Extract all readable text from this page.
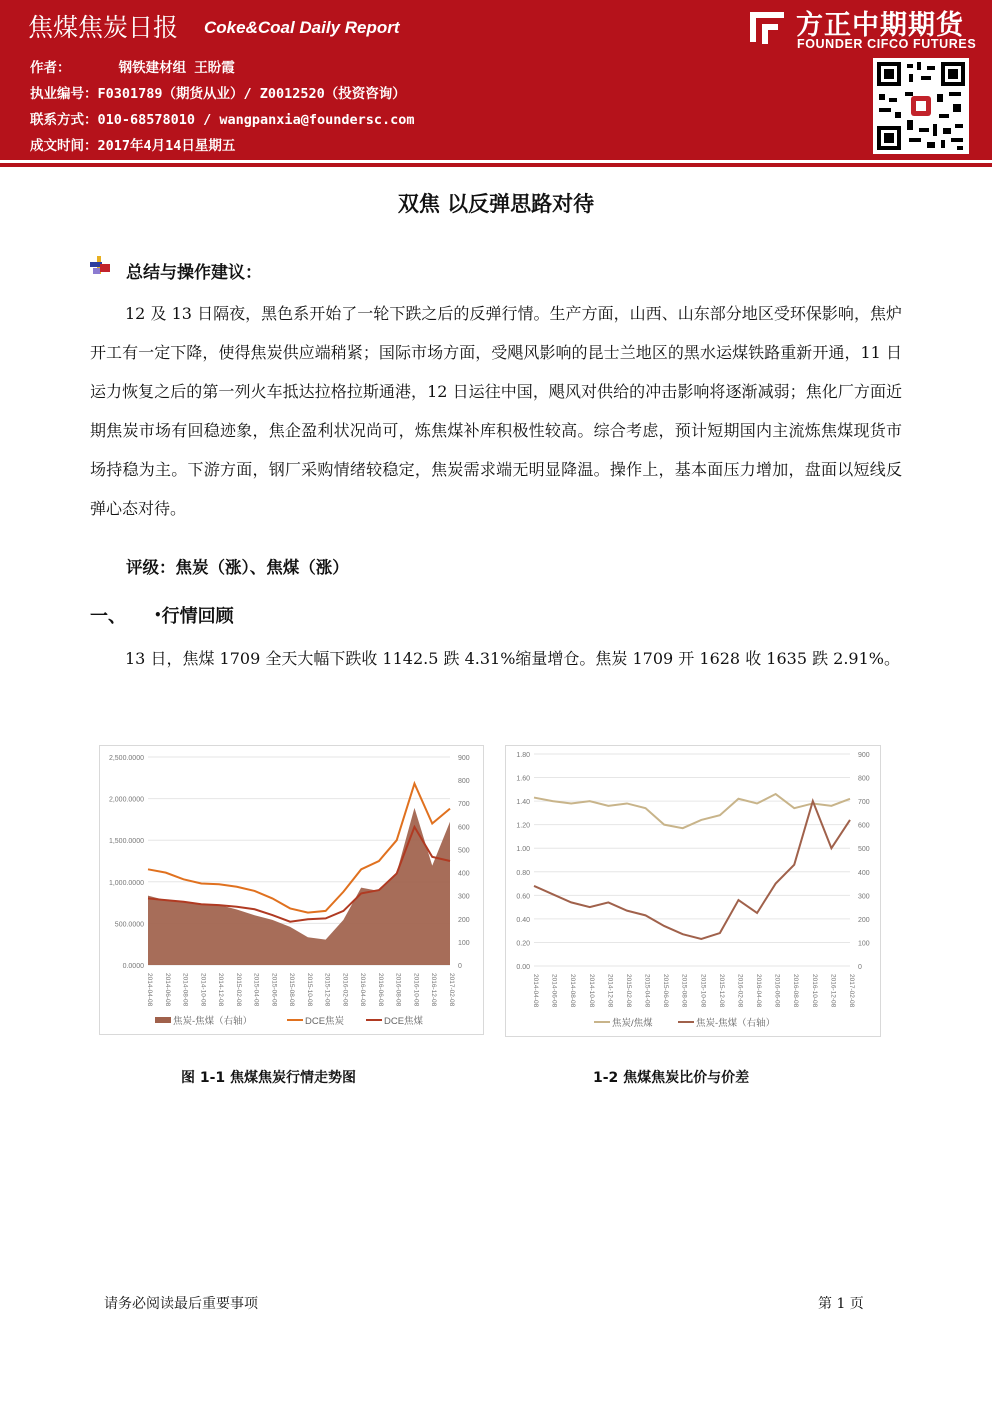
焦煤焦炭日报 Coke&Coal Daily Report	方正中期期货
FOUNDER CIFCO FUTURES
作者：	钢铁建材组 王盼霞
执业编号：F0301789（期货从业）/ Z0012520（投资咨询）
联系方式：010-68578010 / wangpanxia@foundersc.com
成文时间：2017年4月14日星期五
双焦 以反弹思路对待
总结与操作建议：
12 及 13 日隔夜，黑色系开始了一轮下跌之后的反弹行情。生产方面，山西、山东部分地区受环保影响，焦炉开工有一定下降，使得焦炭供应端稍紧；国际市场方面，受飓风影响的昆士兰地区的黑水运煤铁路重新开通，11 日运力恢复之后的第一列火车抵达拉格拉斯通港，12 日运往中国，飓风对供给的冲击影响将逐渐减弱；焦化厂方面近期焦炭市场有回稳迹象，焦企盈利状况尚可，炼焦煤补库积极性较高。综合考虑，预计短期国内主流炼焦煤现货市场持稳为主。下游方面，钢厂采购情绪较稳定，焦炭需求端无明显降温。操作上，基本面压力增加，盘面以短线反弹心态对待。
评级：焦炭（涨）、焦煤（涨）
一、 •行情回顾
13 日，焦煤 1709 全天大幅下跌收 1142.5 跌 4.31%缩量增仓。焦炭 1709 开 1628 收 1635 跌 2.91%。
2,500.0000
2,000.0000
1,500.0000
1,000.0000
500.0000
0.0000
900
800
700
600
500
400
300
200
100
0
2014-04-08 2014-06-08 2014-08-08 2014-10-08 2014-12-08 2015-02-08 2015-04-08 2015-06-08 2015-08-08 2015-10-08 2015-12-08 2016-02-08 2016-04-08 2016-06-08 2016-08-08 2016-10-08 2016-12-08 2017-02-08
焦炭-焦煤（右轴）	DCE焦炭	DCE焦煤
1.80
1.60
1.40
1.20
1.00
0.80
0.60
0.40
0.20
0.00
900
800
700
600
500
400
300
200
100
0
2014-04-08 2014-06-08 2014-08-08 2014-10-08 2014-12-08 2015-02-08 2015-04-08 2015-06-08 2015-08-08 2015-10-08 2015-12-08 2016-02-08 2016-04-08 2016-06-08 2016-08-08 2016-10-08 2016-12-08 2017-02-08
焦炭/焦煤	焦炭-焦煤（右轴）
图 1-1 焦煤焦炭行情走势图	1-2 焦煤焦炭比价与价差
请务必阅读最后重要事项	第 1 页
